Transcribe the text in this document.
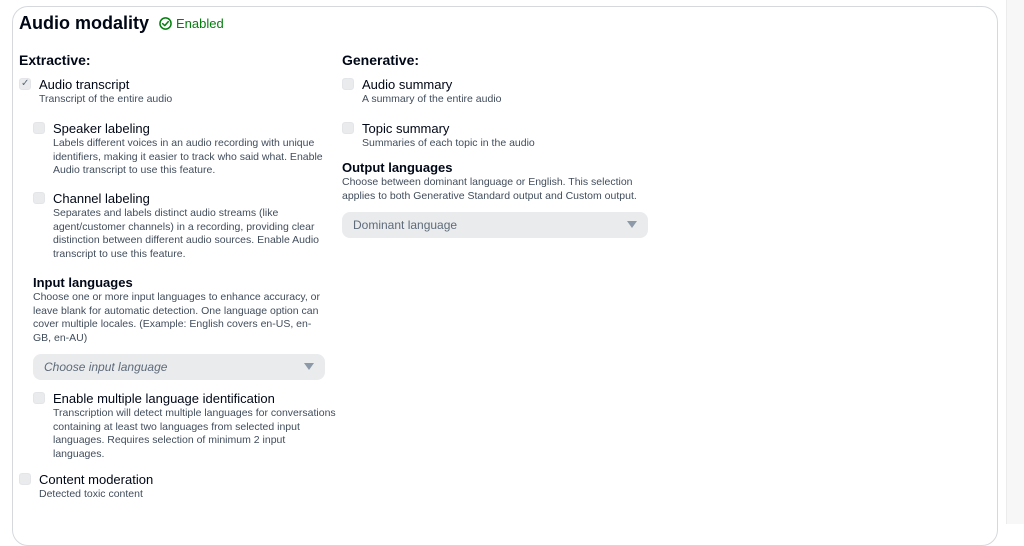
Audio modality Enabled
Extractive:
✓ Audio transcript
Transcript of the entire audio
Speaker labeling
Labels different voices in an audio recording with unique identifiers, making it easier to track who said what. Enable Audio transcript to use this feature.
Channel labeling
Separates and labels distinct audio streams (like agent/customer channels) in a recording, providing clear distinction between different audio sources. Enable Audio transcript to use this feature.
Input languages
Choose one or more input languages to enhance accuracy, or leave blank for automatic detection. One language option can cover multiple locales. (Example: English covers en-US, en-GB, en-AU)
Choose input language
Enable multiple language identification
Transcription will detect multiple languages for conversations containing at least two languages from selected input languages. Requires selection of minimum 2 input languages.
Content moderation
Detected toxic content
Generative:
Audio summary
A summary of the entire audio
Topic summary
Summaries of each topic in the audio
Output languages
Choose between dominant language or English. This selection applies to both Generative Standard output and Custom output.
Dominant language
